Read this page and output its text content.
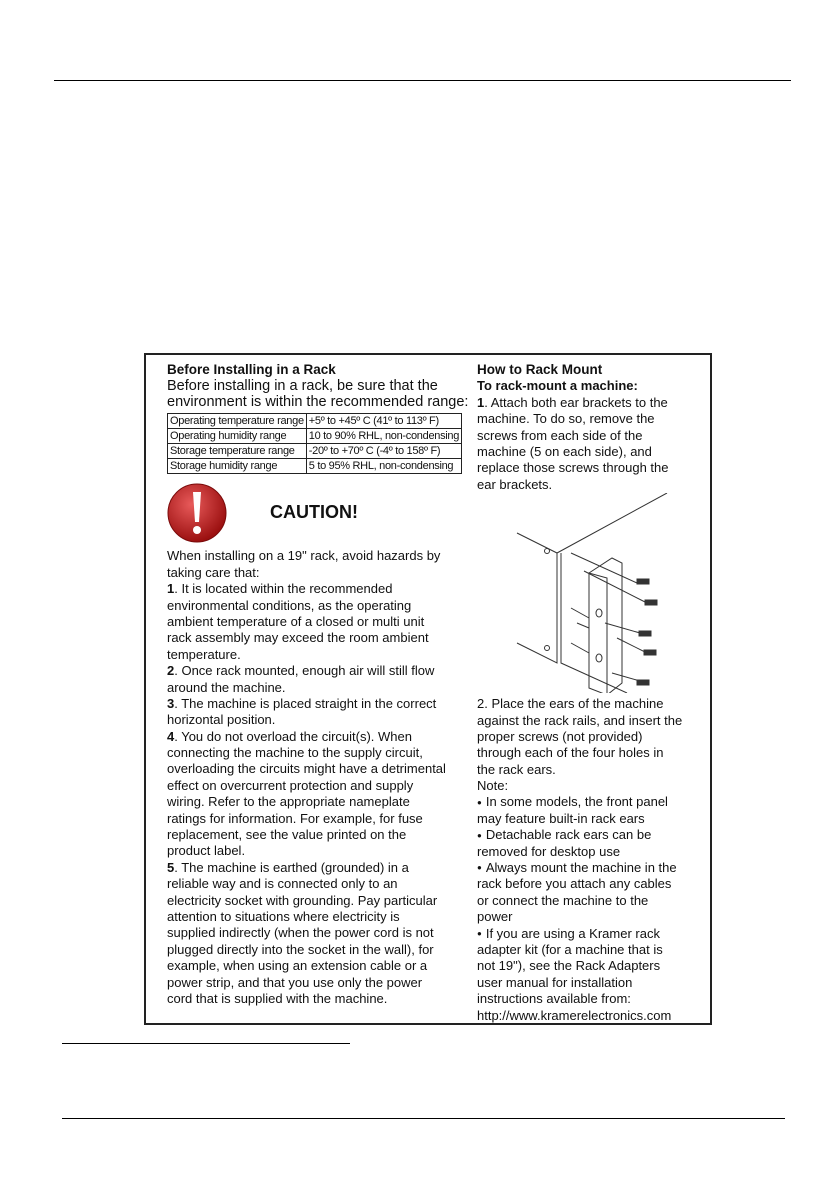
Before Installing in a Rack
Before installing in a rack, be sure that the
environment is within the recommended range:
Operating temperature range	+5º to +45º C (41º to 113º F)
Operating humidity range	10 to 90% RHL, non-condensing
Storage temperature range	-20º to +70º C (-4º to 158º F)
Storage humidity range	5 to 95% RHL, non-condensing
CAUTION!
When installing on a 19" rack, avoid hazards by
taking care that:
1. It is located within the recommended
environmental conditions, as the operating
ambient temperature of a closed or multi unit
rack assembly may exceed the room ambient
temperature.
2. Once rack mounted, enough air will still flow
around the machine.
3. The machine is placed straight in the correct
horizontal position.
4. You do not overload the circuit(s). When
connecting the machine to the supply circuit,
overloading the circuits might have a detrimental
effect on overcurrent protection and supply
wiring. Refer to the appropriate nameplate
ratings for information. For example, for fuse
replacement, see the value printed on the
product label.
5. The machine is earthed (grounded) in a
reliable way and is connected only to an
electricity socket with grounding. Pay particular
attention to situations where electricity is
supplied indirectly (when the power cord is not
plugged directly into the socket in the wall), for
example, when using an extension cable or a
power strip, and that you use only the power
cord that is supplied with the machine.
How to Rack Mount
To rack-mount a machine:
1. Attach both ear brackets to the
machine. To do so, remove the
screws from each side of the
machine (5 on each side), and
replace those screws through the
ear brackets.
2. Place the ears of the machine
against the rack rails, and insert the
proper screws (not provided)
through each of the four holes in
the rack ears.
Note:
● In some models, the front panel
may feature built-in rack ears
● Detachable rack ears can be
removed for desktop use
● Always mount the machine in the
rack before you attach any cables
or connect the machine to the
power
● If you are using a Kramer rack
adapter kit (for a machine that is
not 19"), see the Rack Adapters
user manual for installation
instructions available from:
http://www.kramerelectronics.com
